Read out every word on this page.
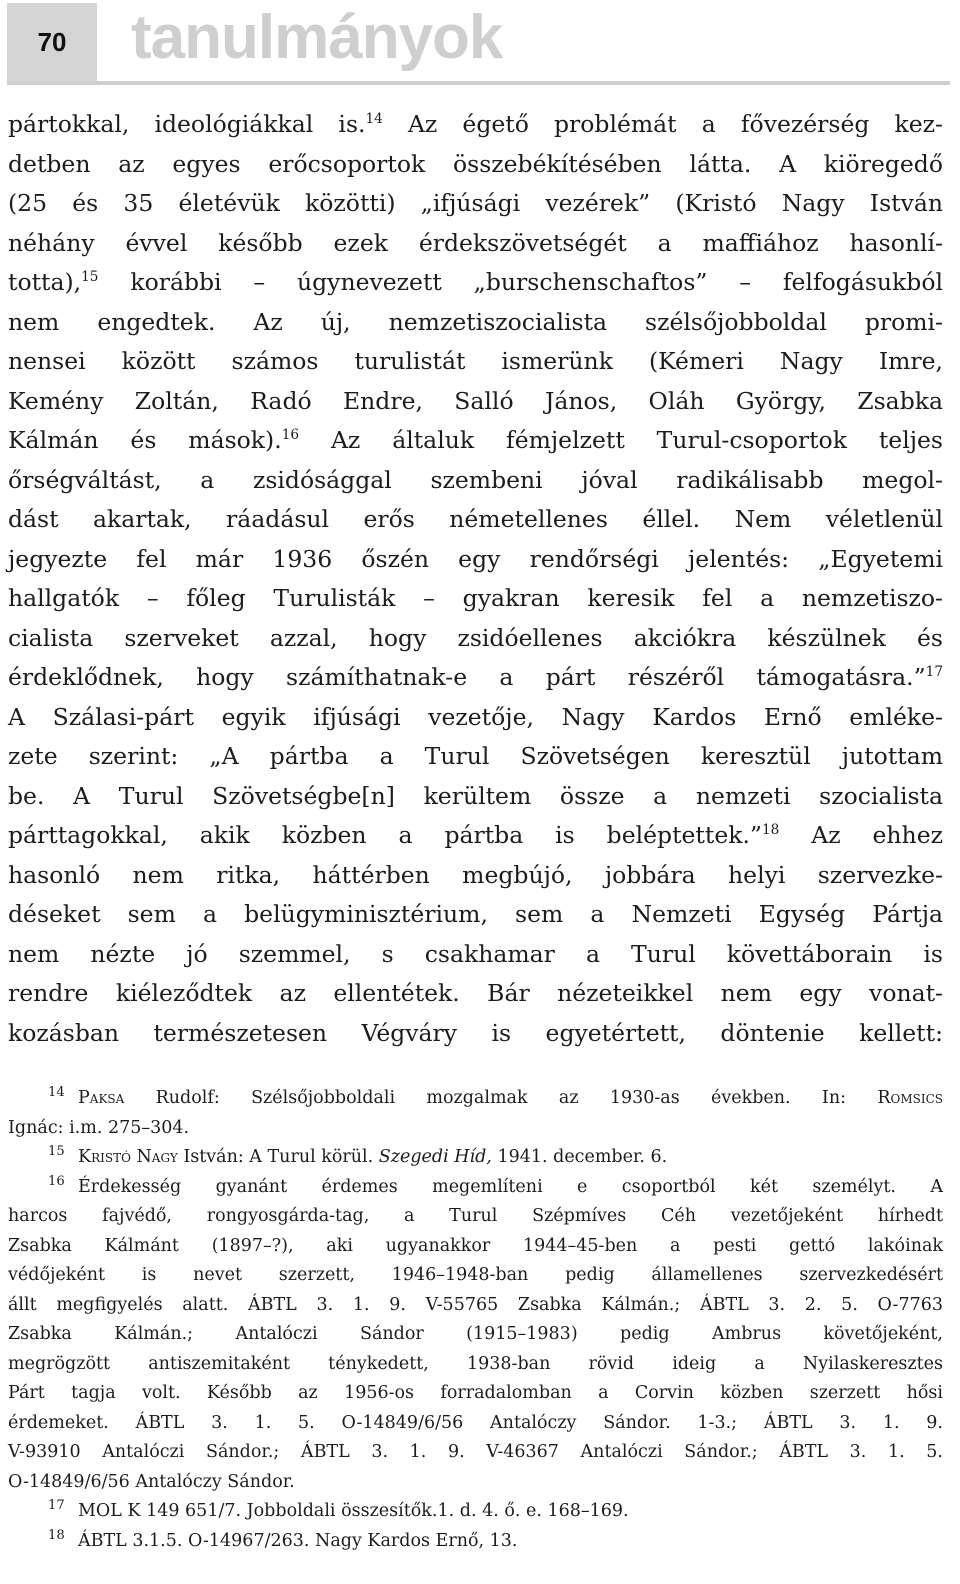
70	tanulmányok
pártokkal, ideológiákkal is.$^{14}$ Az égető problémát a fővezérség kez-
detben az egyes erőcsoportok összebékítésében látta. A kiöregedő
(25 és 35 életévük közötti) „ifjúsági vezérek” (Kristó Nagy István
néhány évvel később ezek érdekszövetségét a maffiához hasonlí-
totta),$^{15}$ korábbi – úgynevezett „burschenschaftos” – felfogásukból
nem engedtek. Az új, nemzetiszocialista szélsőjobboldal promi-
nensei között számos turulistát ismerünk (Kémeri Nagy Imre,
Kemény Zoltán, Radó Endre, Salló János, Oláh György, Zsabka
Kálmán és mások).$^{16}$ Az általuk fémjelzett Turul-csoportok teljes
őrségváltást, a zsidósággal szembeni jóval radikálisabb megol-
dást akartak, ráadásul erős németellenes éllel. Nem véletlenül
jegyezte fel már 1936 őszén egy rendőrségi jelentés: „Egyetemi
hallgatók – főleg Turulisták – gyakran keresik fel a nemzetiszo-
cialista szerveket azzal, hogy zsidóellenes akciókra készülnek és
érdeklődnek, hogy számíthatnak-e a párt részéről támogatásra.”$^{17}$
A Szálasi-párt egyik ifjúsági vezetője, Nagy Kardos Ernő emléke-
zete szerint: „A pártba a Turul Szövetségen keresztül jutottam
be. A Turul Szövetségbe[n] kerültem össze a nemzeti szocialista
párttagokkal, akik közben a pártba is beléptettek.”$^{18}$ Az ehhez
hasonló nem ritka, háttérben megbújó, jobbára helyi szervezke-
déseket sem a belügyminisztérium, sem a Nemzeti Egység Pártja
nem nézte jó szemmel, s csakhamar a Turul követtáborain is
rendre kiéleződtek az ellentétek. Bár nézeteikkel nem egy vonat-
kozásban természetesen Végváry is egyetértett, döntenie kellett:
14 Paksa Rudolf: Szélsőjobboldali mozgalmak az 1930-as években. In: Romsics
Ignác: i.m. 275–304.
15 Kristó Nagy István: A Turul körül. Szegedi Híd, 1941. december. 6.
16 Érdekesség gyanánt érdemes megemlíteni e csoportból két személyt. A
harcos fajvédő, rongyosgárda-tag, a Turul Szépmíves Céh vezetőjeként hírhedt
Zsabka Kálmánt (1897–?), aki ugyanakkor 1944–45-ben a pesti gettó lakóinak
védőjeként is nevet szerzett, 1946–1948-ban pedig államellenes szervezkedésért
állt megfigyelés alatt. ÁBTL 3. 1. 9. V-55765 Zsabka Kálmán.; ÁBTL 3. 2. 5. O-7763
Zsabka Kálmán.; Antalóczi Sándor (1915–1983) pedig Ambrus követőjeként,
megrögzött antiszemitaként ténykedett, 1938-ban rövid ideig a Nyilaskeresztes
Párt tagja volt. Később az 1956-os forradalomban a Corvin közben szerzett hősi
érdemeket. ÁBTL 3. 1. 5. O-14849/6/56 Antalóczy Sándor. 1-3.; ÁBTL 3. 1. 9.
V-93910 Antalóczi Sándor.; ÁBTL 3. 1. 9. V-46367 Antalóczi Sándor.; ÁBTL 3. 1. 5.
O-14849/6/56 Antalóczy Sándor.
17 MOL K 149 651/7. Jobboldali összesítők.1. d. 4. ő. e. 168–169.
18 ÁBTL 3.1.5. O-14967/263. Nagy Kardos Ernő, 13.
